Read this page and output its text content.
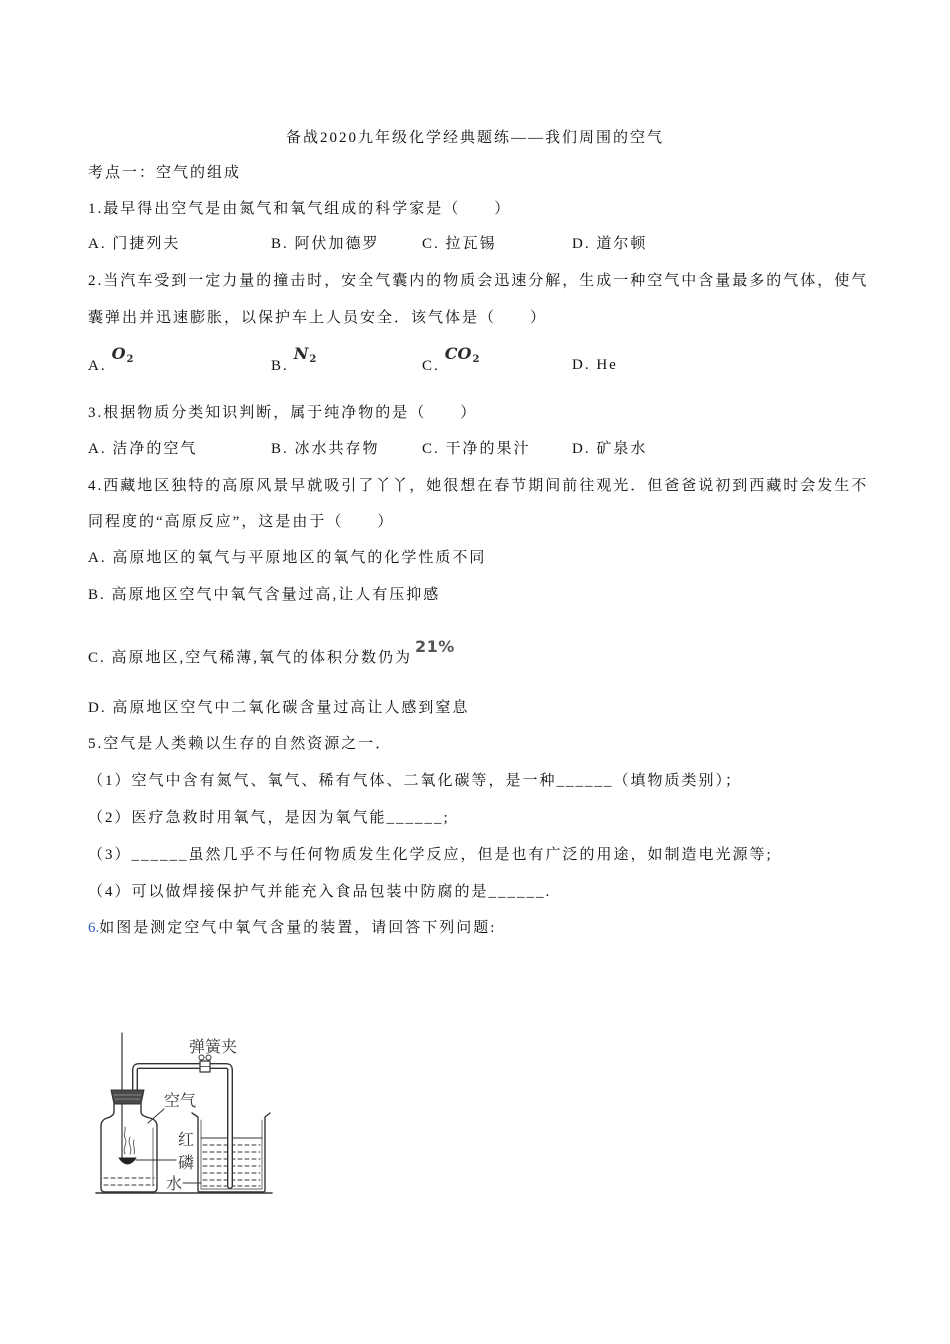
备战2020九年级化学经典题练——我们周围的空气
考点一：空气的组成
1.最早得出空气是由氮气和氧气组成的科学家是（　　）
A. 门捷列夫	B. 阿伏加德罗	C. 拉瓦锡	D. 道尔顿
2.当汽车受到一定力量的撞击时，安全气囊内的物质会迅速分解，生成一种空气中含量最多的气体，使气
囊弹出并迅速膨胀，以保护车上人员安全．该气体是（　　）
$A.O_2$	$B.N_2$	$C.CO_2$	D. He
3.根据物质分类知识判断，属于纯净物的是（　　）
A. 洁净的空气	B. 冰水共存物	C. 干净的果汁	D. 矿泉水
4.西藏地区独特的高原风景早就吸引了丫丫，她很想在春节期间前往观光．但爸爸说初到西藏时会发生不
同程度的“高原反应”，这是由于（　　）
A. 高原地区的氧气与平原地区的氧气的化学性质不同
B. 高原地区空气中氧气含量过高,让人有压抑感
C. 高原地区,空气稀薄,氧气的体积分数仍为21%
D. 高原地区空气中二氧化碳含量过高让人感到窒息
5.空气是人类赖以生存的自然资源之一．
（1）空气中含有氮气、氧气、稀有气体、二氧化碳等，是一种______（填物质类别）；
（2）医疗急救时用氧气，是因为氧气能______;
（3）______虽然几乎不与任何物质发生化学反应，但是也有广泛的用途，如制造电光源等;
（4）可以做焊接保护气并能充入食品包装中防腐的是______.
6.如图是测定空气中氧气含量的装置，请回答下列问题:
弹簧夹
空气
红
磷
水
